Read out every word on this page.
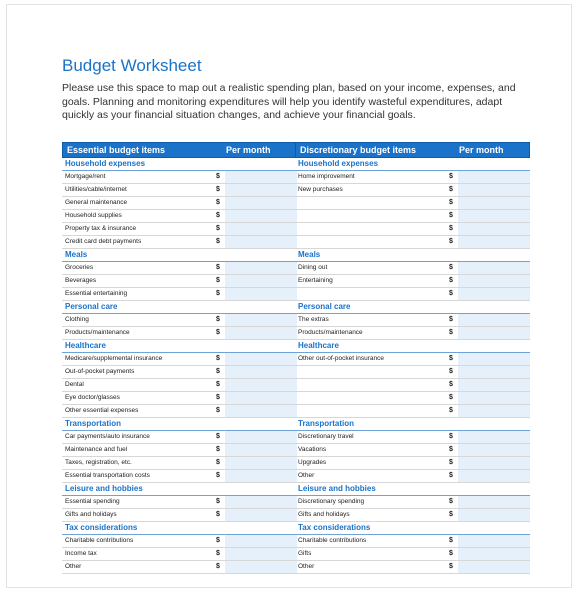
Budget Worksheet
Please use this space to map out a realistic spending plan, based on your income, expenses, and goals. Planning and monitoring expenditures will help you identify wasteful expenditures, adapt quickly as your financial situation changes, and achieve your financial goals.
Essential budget items	Per month
Household expenses
Mortgage/rent	$
Utilities/cable/internet	$
General maintenance	$
Household supplies	$
Property tax & insurance	$
Credit card debt payments	$
Meals
Groceries	$
Beverages	$
Essential entertaining	$
Personal care
Clothing	$
Products/maintenance	$
Healthcare
Medicare/supplemental insurance	$
Out-of-pocket payments	$
Dental	$
Eye doctor/glasses	$
Other essential expenses	$
Transportation
Car payments/auto insurance	$
Maintenance and fuel	$
Taxes, registration, etc.	$
Essential transportation costs	$
Leisure and hobbies
Essential spending	$
Gifts and holidays	$
Tax considerations
Charitable contributions	$
Income tax	$
Other	$
Discretionary budget items	Per month
Household expenses
Home improvement	$
New purchases	$
$
$
$
$
Meals
Dining out	$
Entertaining	$
$
Personal care
The extras	$
Products/maintenance	$
Healthcare
Other out-of-pocket insurance	$
$
$
$
$
Transportation
Discretionary travel	$
Vacations	$
Upgrades	$
Other	$
Leisure and hobbies
Discretionary spending	$
Gifts and holidays	$
Tax considerations
Charitable contributions	$
Gifts	$
Other	$
